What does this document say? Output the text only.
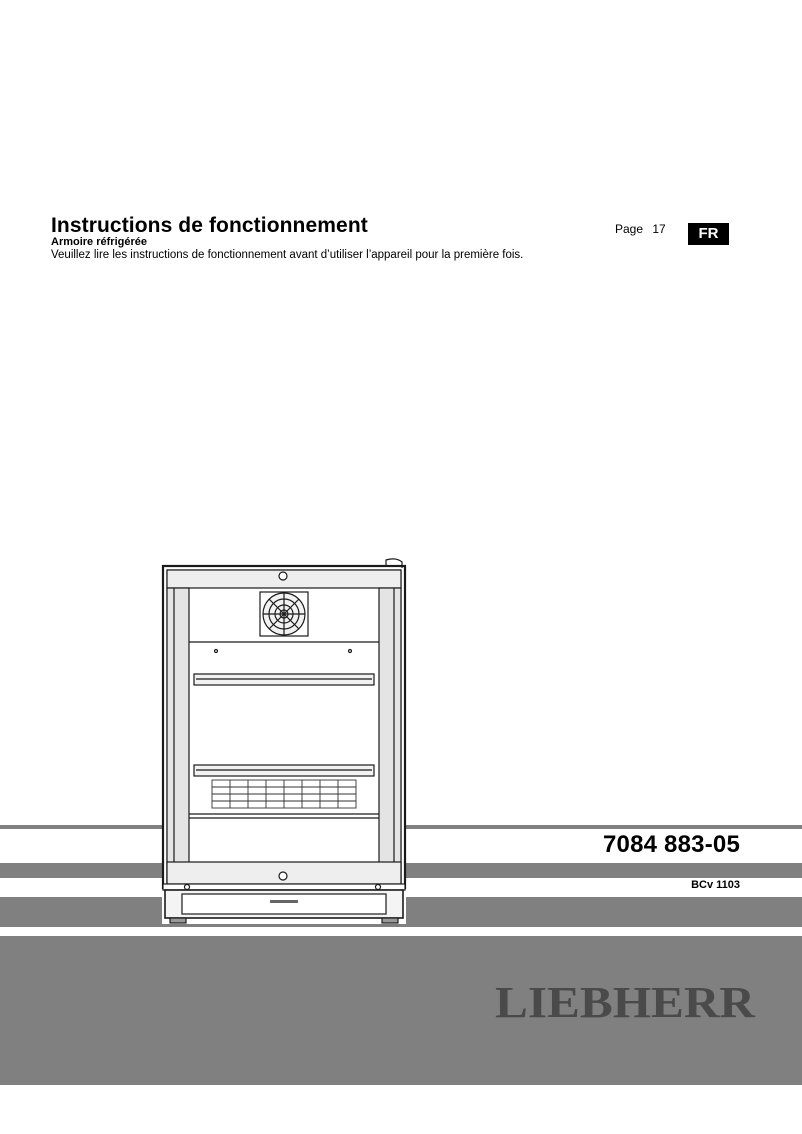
Instructions de fonctionnement
Armoire réfrigérée
Veuillez lire les instructions de fonctionnement avant d’utiliser l’appareil pour la première fois.
Page 17	FR
7084 883-05
BCv 1103
LIEBHERR
